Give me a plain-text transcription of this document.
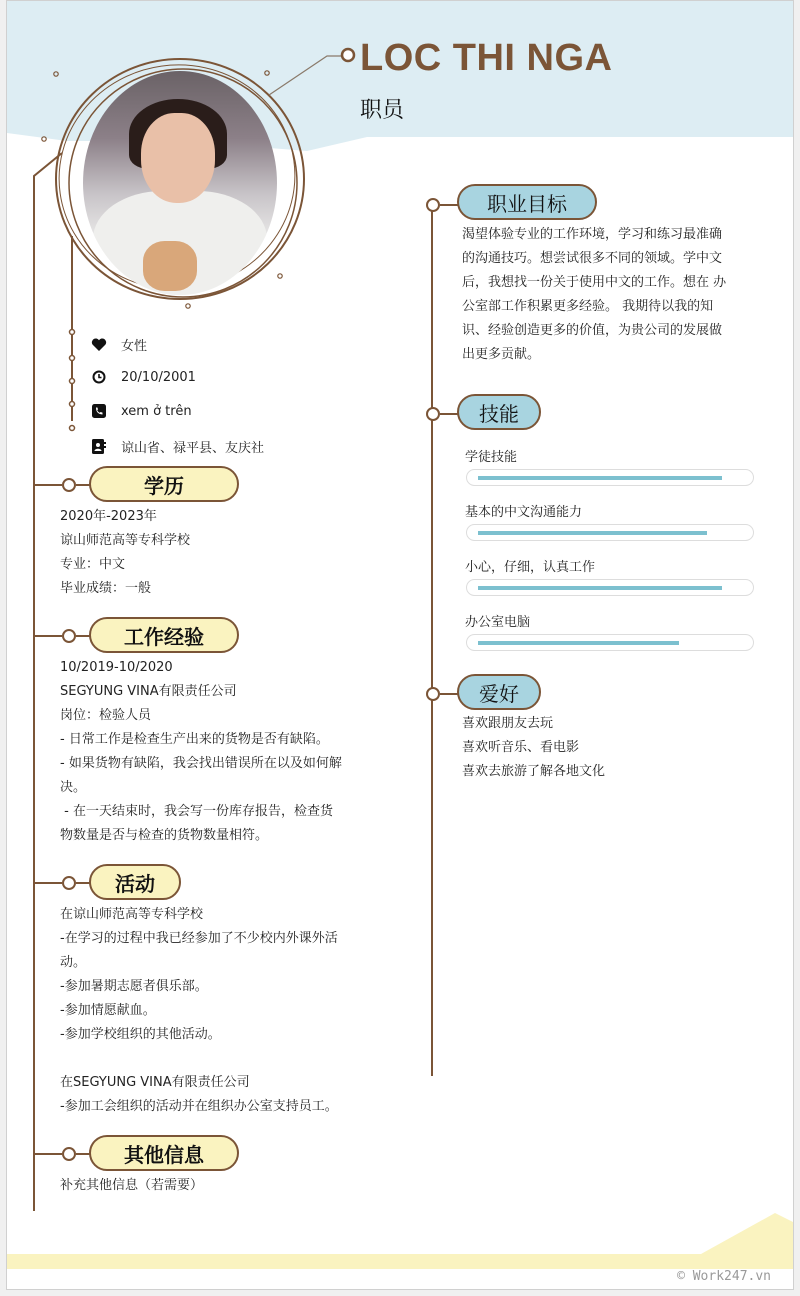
LOC THI NGA
职员
女性
20/10/2001
xem ở trên
谅山省、禄平县、友庆社
学历
2020年-2023年
谅山师范高等专科学校
专业：中文
毕业成绩：一般
工作经验
10/2019-10/2020
SEGYUNG VINA有限责任公司
岗位：检验人员
- 日常工作是检查生产出来的货物是否有缺陷。
- 如果货物有缺陷，我会找出错误所在以及如何解
决。
- 在一天结束时，我会写一份库存报告，检查货
物数量是否与检查的货物数量相符。
活动
在谅山师范高等专科学校
-在学习的过程中我已经参加了不少校内外课外活
动。
-参加暑期志愿者俱乐部。
-参加情愿献血。
-参加学校组织的其他活动。
在SEGYUNG VINA有限责任公司
-参加工会组织的活动并在组织办公室支持员工。
其他信息
补充其他信息（若需要）
职业目标
渴望体验专业的工作环境，学习和练习最准确
的沟通技巧。想尝试很多不同的领域。学中文
后，我想找一份关于使用中文的工作。想在 办
公室部工作积累更多经验。 我期待以我的知
识、经验创造更多的价值，为贵公司的发展做
出更多贡献。
技能
学徒技能
基本的中文沟通能力
小心，仔细，认真工作
办公室电脑
爱好
喜欢跟朋友去玩
喜欢听音乐、看电影
喜欢去旅游了解各地文化
© Work247.vn
